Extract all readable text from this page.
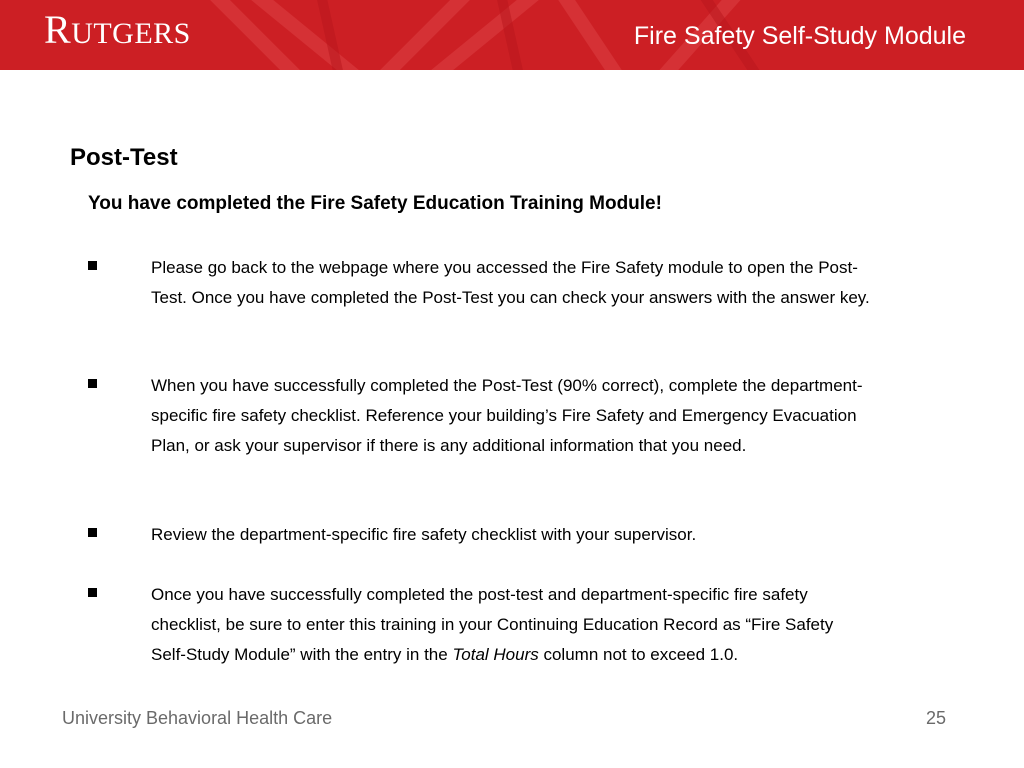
RUTGERS	Fire Safety Self-Study Module
Post-Test
You have completed the Fire Safety Education Training Module!
Please go back to the webpage where you accessed the Fire Safety module to open the Post-Test. Once you have completed the Post-Test you can check your answers with the answer key.
When you have successfully completed the Post-Test (90% correct), complete the department-specific fire safety checklist. Reference your building’s Fire Safety and Emergency Evacuation Plan, or ask your supervisor if there is any additional information that you need.
Review the department-specific fire safety checklist with your supervisor.
Once you have successfully completed the post-test and department-specific fire safety checklist, be sure to enter this training in your Continuing Education Record as “Fire Safety Self-Study Module” with the entry in the Total Hours column not to exceed 1.0.
University Behavioral Health Care	25
